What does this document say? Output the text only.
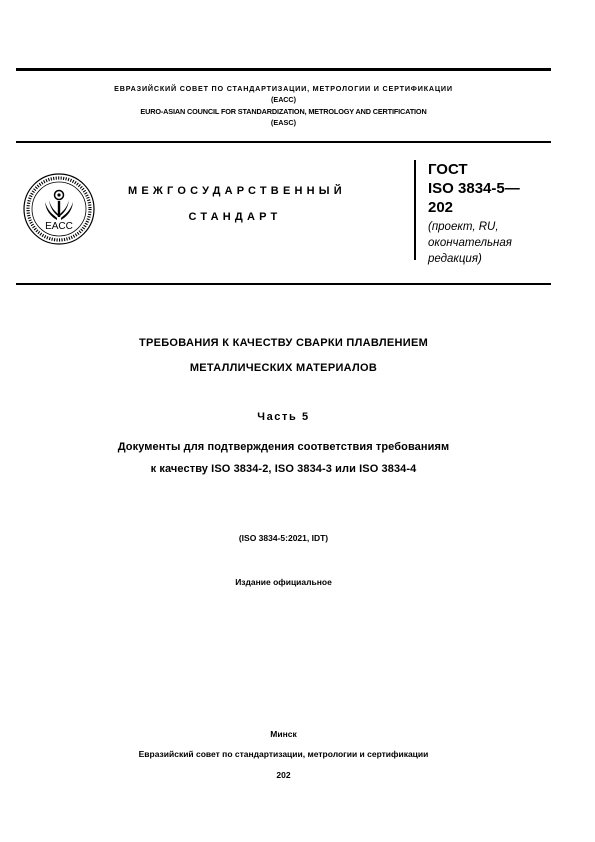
ЕВРАЗИЙСКИЙ СОВЕТ ПО СТАНДАРТИЗАЦИИ, МЕТРОЛОГИИ И СЕРТИФИКАЦИИ
(ЕАСС)
EURO-ASIAN COUNCIL FOR STANDARDIZATION, METROLOGY AND CERTIFICATION
(EASC)
EACC
МЕЖГОСУДАРСТВЕННЫЙ
СТАНДАРТ
ГОСТ
ISO 3834-5—
202
(проект, RU, окончательная редакция)
ТРЕБОВАНИЯ К КАЧЕСТВУ СВАРКИ ПЛАВЛЕНИЕМ
МЕТАЛЛИЧЕСКИХ МАТЕРИАЛОВ
Часть 5
Документы для подтверждения соответствия требованиям
к качеству ISO 3834-2, ISO 3834-3 или ISO 3834-4
(ISO 3834-5:2021, IDT)
Издание официальное
Минск
Евразийский совет по стандартизации, метрологии и сертификации
202
